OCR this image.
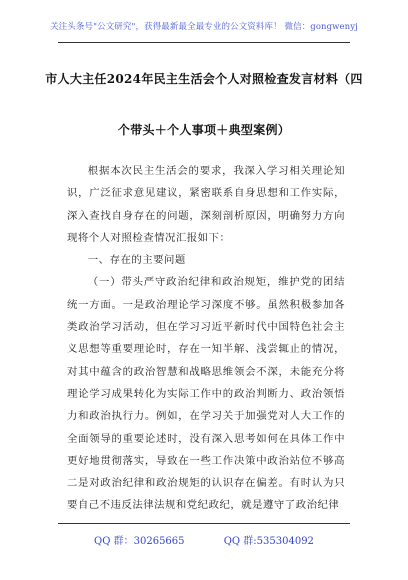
关注头条号"公文研究"，获得最新最全最专业的公文资料库！ 微信：gongwenyj
市人大主任2024年民主生活会个人对照检查发言材料（四
个带头＋个人事项＋典型案例）

根据本次民主生活会的要求，我深入学习相关理论知识，广泛征求意见建议，紧密联系自身思想和工作实际，深入查找自身存在的问题，深刻剖析原因，明确努力方向现将个人对照检查情况汇报如下：

一、存在的主要问题

（一）带头严守政治纪律和政治规矩，维护党的团结统一方面。一是政治理论学习深度不够。虽然积极参加各类政治学习活动，但在学习习近平新时代中国特色社会主义思想等重要理论时，存在一知半解、浅尝辄止的情况，对其中蕴含的政治智慧和战略思维领会不深，未能充分将理论学习成果转化为实际工作中的政治判断力、政治领悟力和政治执行力。例如，在学习关于加强党对人大工作的全面领导的重要论述时，没有深入思考如何在具体工作中更好地贯彻落实，导致在一些工作决策中政治站位不够高二是对政治纪律和政治规矩的认识存在偏差。有时认为只要自己不违反法律法规和党纪政纪，就是遵守了政治纪律

QQ 群：30265665	QQ 群:535304092
